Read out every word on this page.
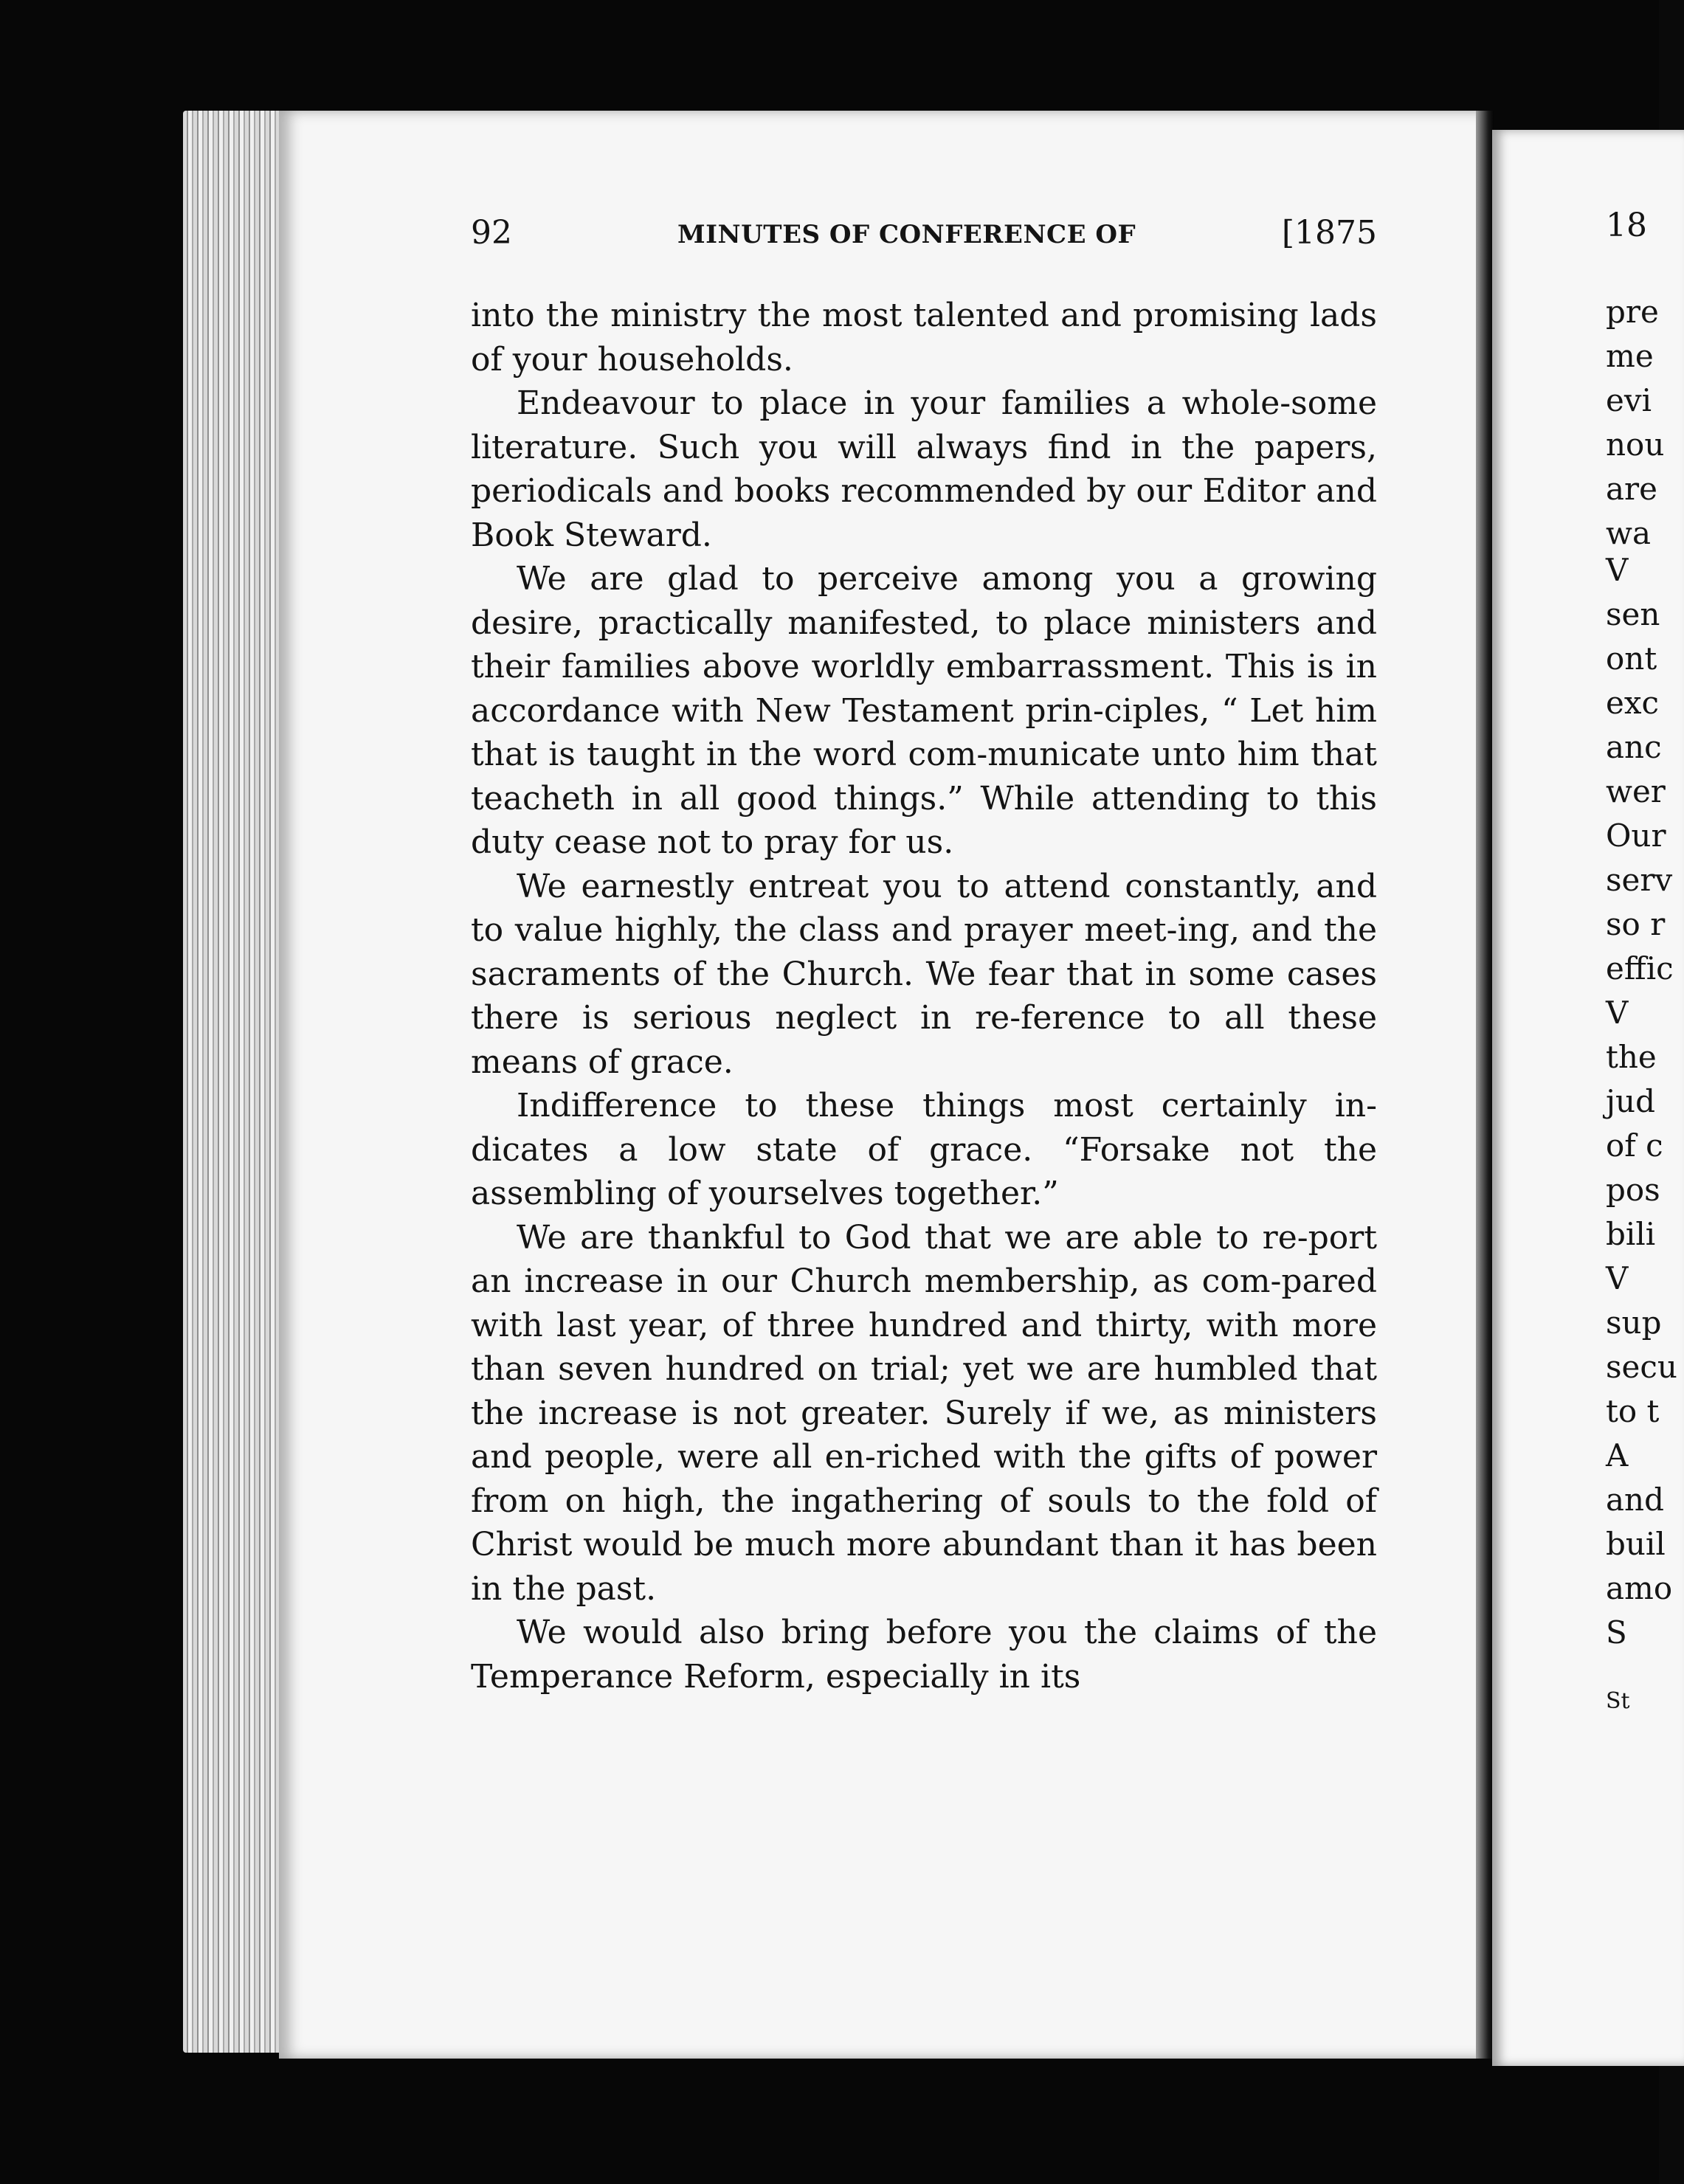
92	MINUTES OF CONFERENCE OF	[1875

into the ministry the most talented and promising lads of your households.

Endeavour to place in your families a whole-some literature. Such you will always find in the papers, periodicals and books recommended by our Editor and Book Steward.

We are glad to perceive among you a growing desire, practically manifested, to place ministers and their families above worldly embarrassment. This is in accordance with New Testament prin-ciples, “ Let him that is taught in the word com-municate unto him that teacheth in all good things.” While attending to this duty cease not to pray for us.

We earnestly entreat you to attend constantly, and to value highly, the class and prayer meet-ing, and the sacraments of the Church. We fear that in some cases there is serious neglect in re-ference to all these means of grace.

Indifference to these things most certainly in-dicates a low state of grace. “Forsake not the assembling of yourselves together.”

We are thankful to God that we are able to re-port an increase in our Church membership, as com-pared with last year, of three hundred and thirty, with more than seven hundred on trial; yet we are humbled that the increase is not greater. Surely if we, as ministers and people, were all en-riched with the gifts of power from on high, the ingathering of souls to the fold of Christ would be much more abundant than it has been in the past.

We would also bring before you the claims of the Temperance Reform, especially in its

18
pre
me
evi
nou
are
wa
V
sen
ont
exc
anc
wer
Our
serv
so r
effic
V
the
jud
of c
pos
bili
V
sup
secu
to t
A
and
buil
amo
S
St
